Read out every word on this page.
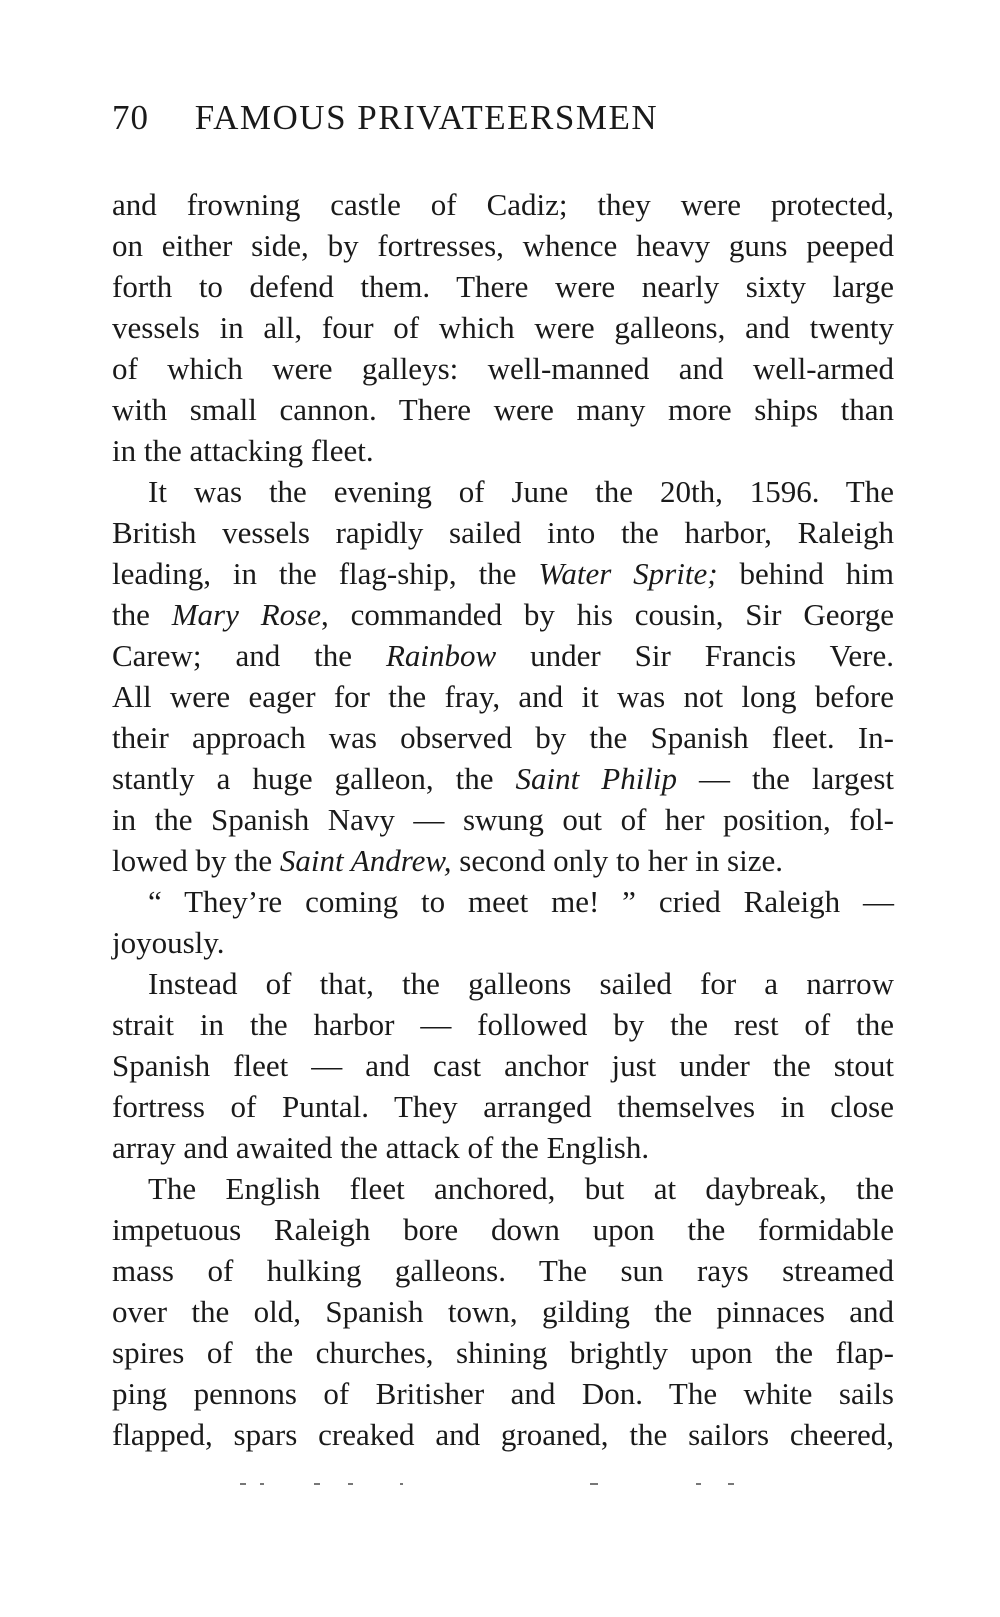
70 FAMOUS PRIVATEERSMEN
and frowning castle of Cadiz; they were protected,
on either side, by fortresses, whence heavy guns peeped
forth to defend them. There were nearly sixty large
vessels in all, four of which were galleons, and twenty
of which were galleys: well-manned and well-armed
with small cannon. There were many more ships than
in the attacking fleet.
It was the evening of June the 20th, 1596. The
British vessels rapidly sailed into the harbor, Raleigh
leading, in the flag-ship, the Water Sprite; behind him
the Mary Rose, commanded by his cousin, Sir George
Carew; and the Rainbow under Sir Francis Vere.
All were eager for the fray, and it was not long before
their approach was observed by the Spanish fleet. In-
stantly a huge galleon, the Saint Philip — the largest
in the Spanish Navy — swung out of her position, fol-
lowed by the Saint Andrew, second only to her in size.
“ They’re coming to meet me! ” cried Raleigh —
joyously.
Instead of that, the galleons sailed for a narrow
strait in the harbor — followed by the rest of the
Spanish fleet — and cast anchor just under the stout
fortress of Puntal. They arranged themselves in close
array and awaited the attack of the English.
The English fleet anchored, but at daybreak, the
impetuous Raleigh bore down upon the formidable
mass of hulking galleons. The sun rays streamed
over the old, Spanish town, gilding the pinnaces and
spires of the churches, shining brightly upon the flap-
ping pennons of Britisher and Don. The white sails
flapped, spars creaked and groaned, the sailors cheered,
